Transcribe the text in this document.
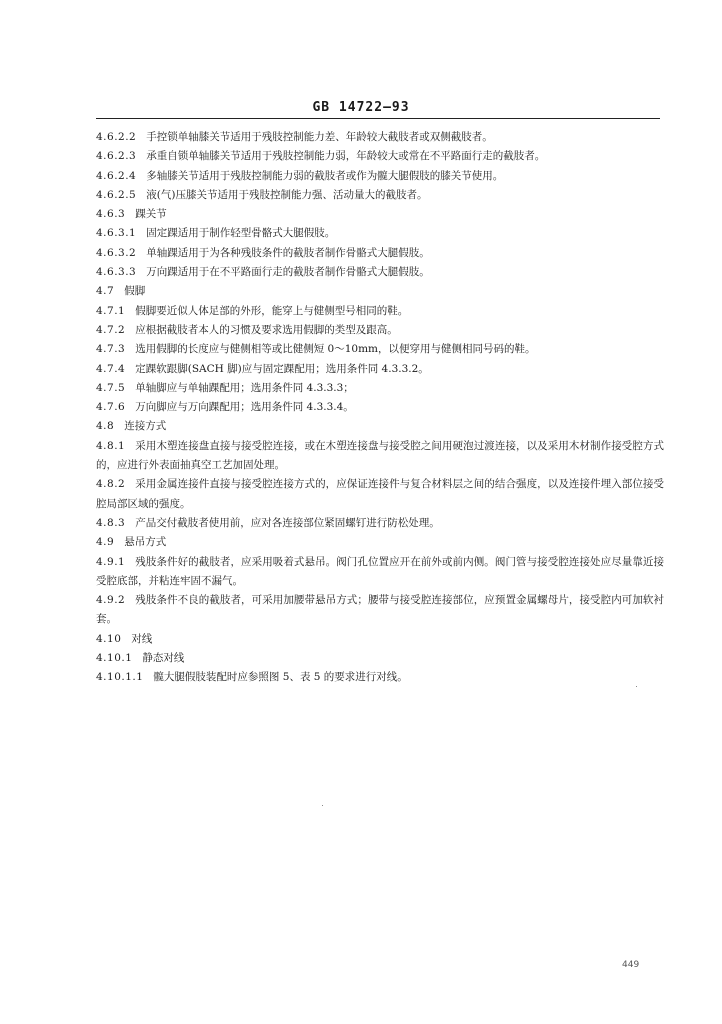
GB 14722—93
4.6.2.2 手控锁单轴膝关节适用于残肢控制能力差、年龄较大截肢者或双侧截肢者。
4.6.2.3 承重自锁单轴膝关节适用于残肢控制能力弱，年龄较大或常在不平路面行走的截肢者。
4.6.2.4 多轴膝关节适用于残肢控制能力弱的截肢者或作为髋大腿假肢的膝关节使用。
4.6.2.5 液(气)压膝关节适用于残肢控制能力强、活动量大的截肢者。
4.6.3 踝关节
4.6.3.1 固定踝适用于制作轻型骨骼式大腿假肢。
4.6.3.2 单轴踝适用于为各种残肢条件的截肢者制作骨骼式大腿假肢。
4.6.3.3 万向踝适用于在不平路面行走的截肢者制作骨骼式大腿假肢。
4.7 假脚
4.7.1 假脚要近似人体足部的外形，能穿上与健侧型号相同的鞋。
4.7.2 应根据截肢者本人的习惯及要求选用假脚的类型及跟高。
4.7.3 选用假脚的长度应与健侧相等或比健侧短 0～10mm，以便穿用与健侧相同号码的鞋。
4.7.4 定踝软跟脚(SACH 脚)应与固定踝配用；选用条件同 4.3.3.2。
4.7.5 单轴脚应与单轴踝配用；选用条件同 4.3.3.3；
4.7.6 万向脚应与万向踝配用；选用条件同 4.3.3.4。
4.8 连接方式
4.8.1 采用木塑连接盘直接与接受腔连接，或在木塑连接盘与接受腔之间用硬泡过渡连接，以及采用木材制作接受腔方式的，应进行外表面抽真空工艺加固处理。
4.8.2 采用金属连接件直接与接受腔连接方式的，应保证连接件与复合材料层之间的结合强度，以及连接件埋入部位接受腔局部区域的强度。
4.8.3 产品交付截肢者使用前，应对各连接部位紧固螺钉进行防松处理。
4.9 悬吊方式
4.9.1 残肢条件好的截肢者，应采用吸着式悬吊。阀门孔位置应开在前外或前内侧。阀门管与接受腔连接处应尽量靠近接受腔底部，并粘连牢固不漏气。
4.9.2 残肢条件不良的截肢者，可采用加腰带悬吊方式；腰带与接受腔连接部位，应预置金属螺母片，接受腔内可加软衬套。
4.10 对线
4.10.1 静态对线
4.10.1.1 髋大腿假肢装配时应参照图 5、表 5 的要求进行对线。
449
